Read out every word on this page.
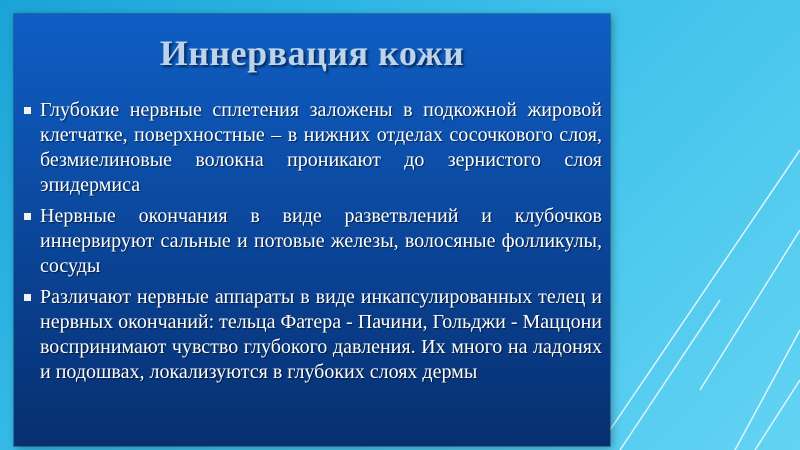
Иннервация кожи
Глубокие нервные сплетения заложены в подкожной жировой клетчатке, поверхностные – в нижних отделах сосочкового слоя, безмиелиновые волокна проникают до зернистого слоя эпидермиса
Нервные окончания в виде разветвлений и клубочков иннервируют сальные и потовые железы, волосяные фолликулы, сосуды
Различают нервные аппараты в виде инкапсулированных телец и нервных окончаний: тельца Фатера - Пачини, Гольджи - Маццони воспринимают чувство глубокого давления. Их много на ладонях и подошвах, локализуются в глубоких слоях дермы
